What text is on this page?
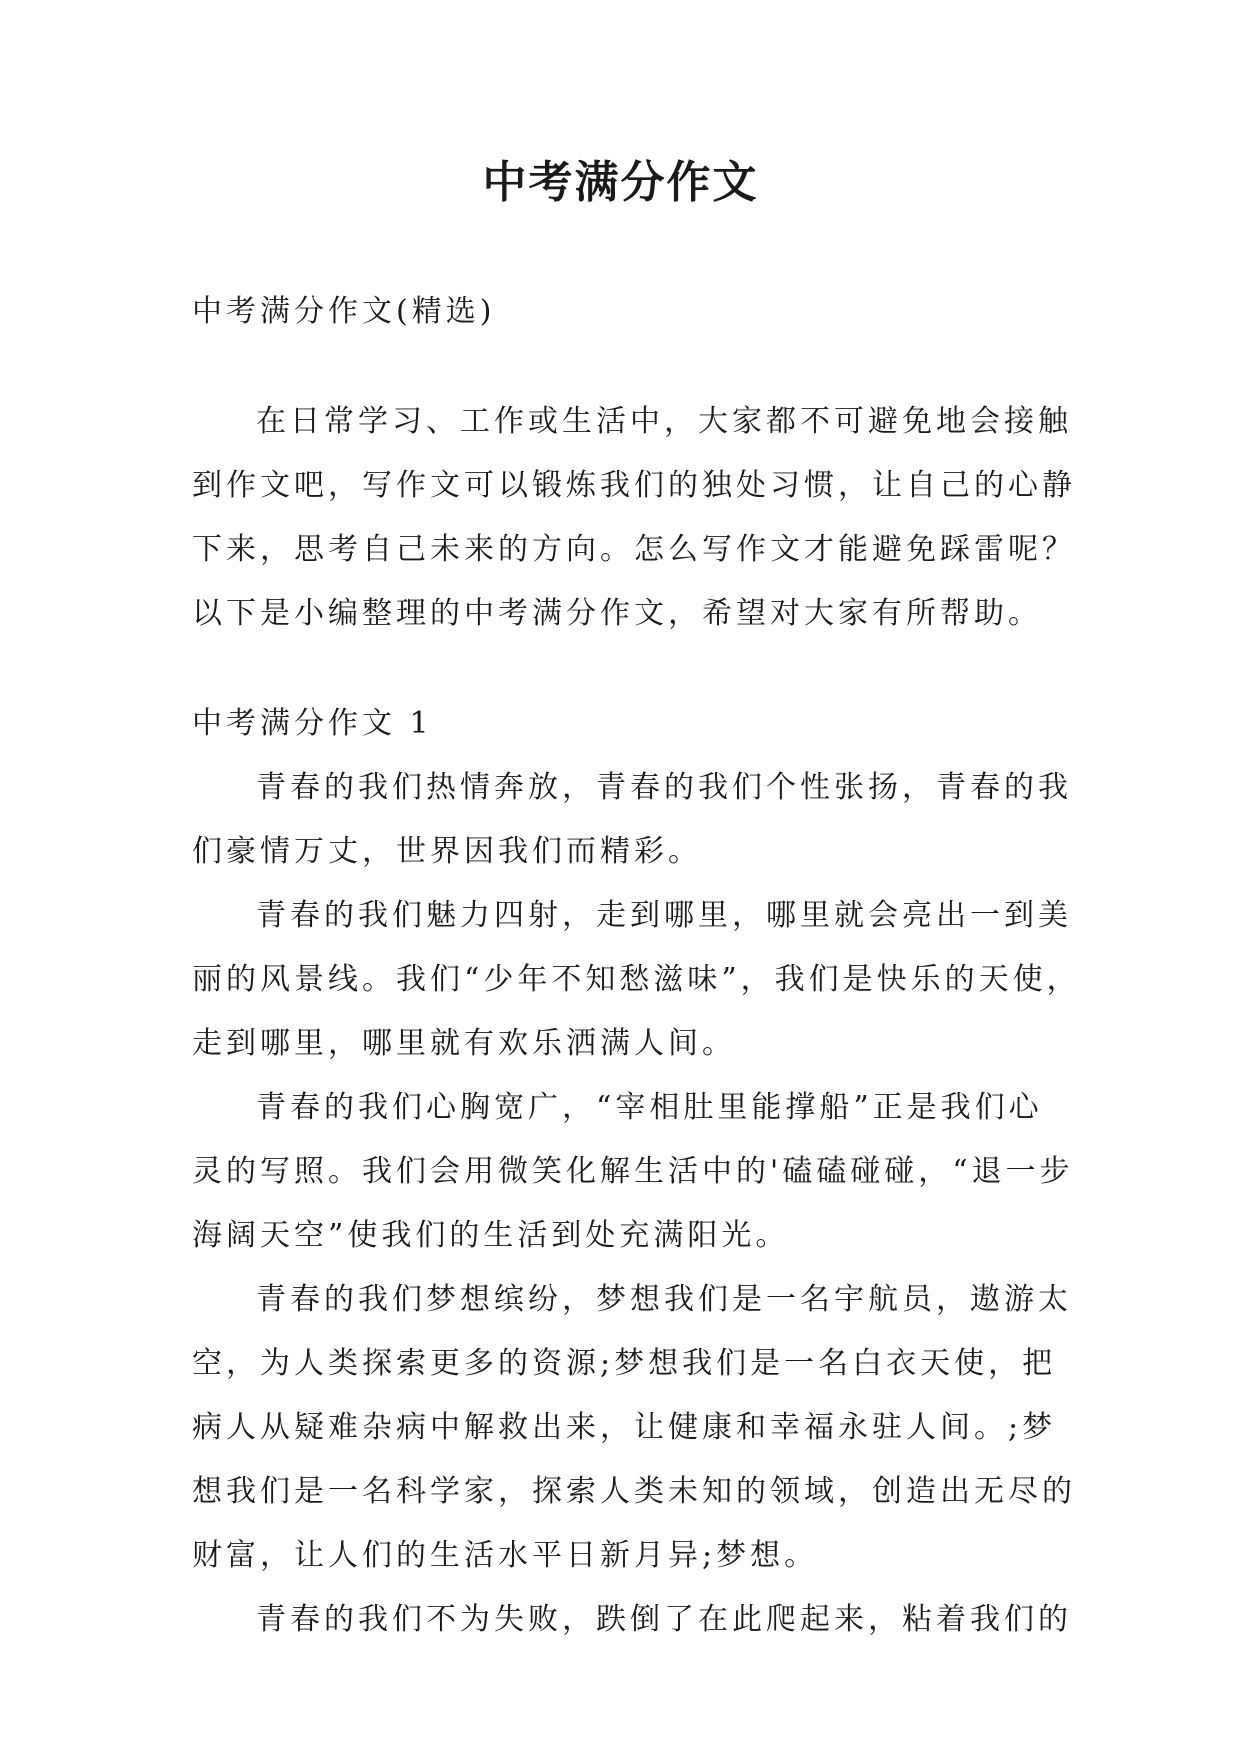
中考满分作文

中考满分作文(精选)

在日常学习、工作或生活中，大家都不可避免地会接触

到作文吧，写作文可以锻炼我们的独处习惯，让自己的心静

下来，思考自己未来的方向。怎么写作文才能避免踩雷呢？

以下是小编整理的中考满分作文，希望对大家有所帮助。

中考满分作文 1

青春的我们热情奔放，青春的我们个性张扬，青春的我

们豪情万丈，世界因我们而精彩。

青春的我们魅力四射，走到哪里，哪里就会亮出一到美

丽的风景线。我们“少年不知愁滋味”，我们是快乐的天使，

走到哪里，哪里就有欢乐洒满人间。

青春的我们心胸宽广，“宰相肚里能撑船”正是我们心

灵的写照。我们会用微笑化解生活中的'磕磕碰碰，“退一步

海阔天空”使我们的生活到处充满阳光。

青春的我们梦想缤纷，梦想我们是一名宇航员，遨游太

空，为人类探索更多的资源;梦想我们是一名白衣天使，把

病人从疑难杂病中解救出来，让健康和幸福永驻人间。;梦

想我们是一名科学家，探索人类未知的领域，创造出无尽的

财富，让人们的生活水平日新月异;梦想。

青春的我们不为失败，跌倒了在此爬起来，粘着我们的
